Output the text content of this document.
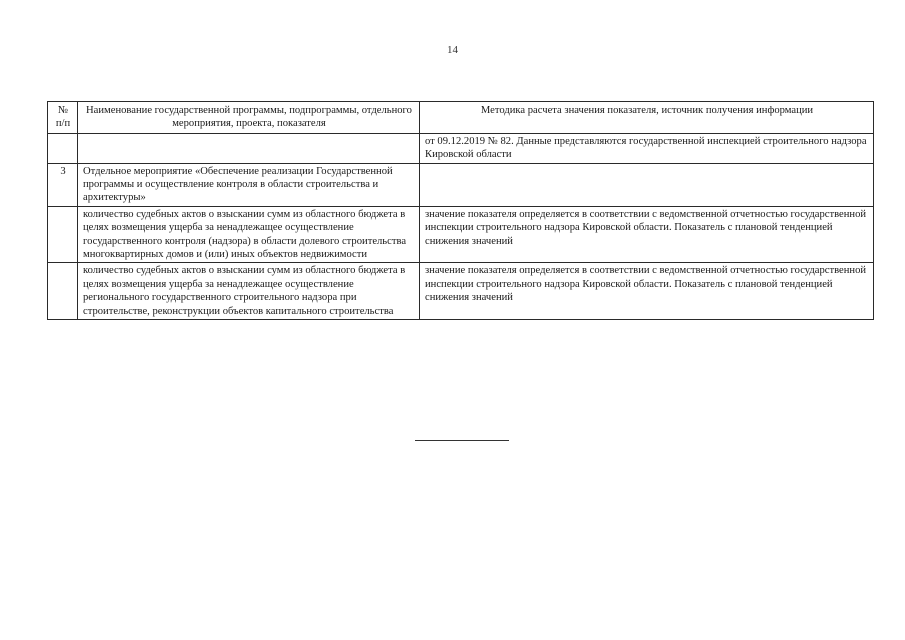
14
№ п/п	Наименование государственной программы, подпрограммы, отдельного мероприятия, проекта, показателя	Методика расчета значения показателя, источник получения информации
		от 09.12.2019 № 82. Данные представляются государственной инспекцией строительного надзора Кировской области
3	Отдельное мероприятие «Обеспечение реализации Государственной программы и осуществление контроля в области строительства и архитектуры»	
	количество судебных актов о взыскании сумм из областного бюджета в целях возмещения ущерба за ненадлежащее осуществление государственного контроля (надзора) в области долевого строительства многоквартирных домов и (или) иных объектов недвижимости	значение показателя определяется в соответствии с ведомственной отчетностью государственной инспекции строительного надзора Кировской области. Показатель с плановой тенденцией снижения значений
	количество судебных актов о взыскании сумм из областного бюджета в целях возмещения ущерба за ненадлежащее осуществление регионального государственного строительного надзора при строительстве, реконструкции объектов капитального строительства	значение показателя определяется в соответствии с ведомственной отчетностью государственной инспекции строительного надзора Кировской области. Показатель с плановой тенденцией снижения значений
